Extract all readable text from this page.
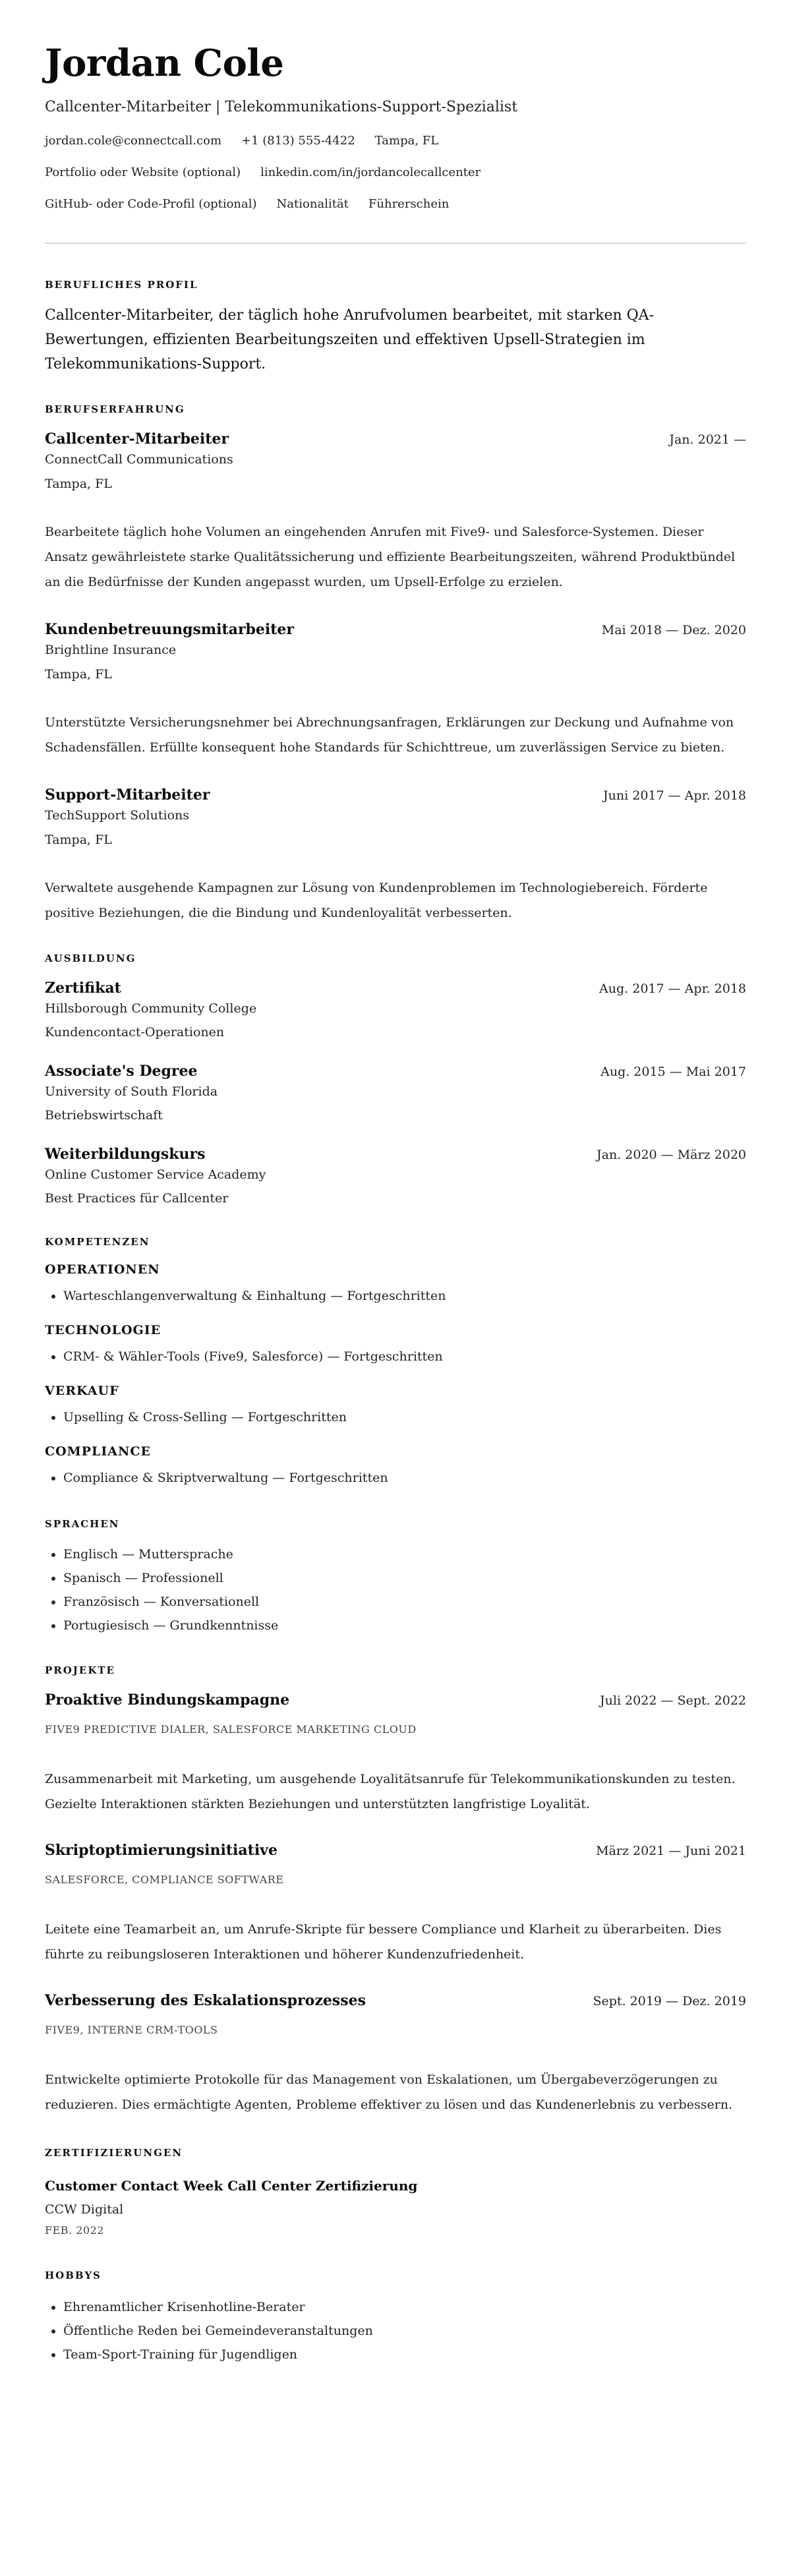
Jordan Cole
Callcenter-Mitarbeiter | Telekommunikations-Support-Spezialist
jordan.cole@connectcall.com +1 (813) 555-4422 Tampa, FL
Portfolio oder Website (optional) linkedin.com/in/jordancolecallcenter
GitHub- oder Code-Profil (optional) Nationalität Führerschein
BERUFLICHES PROFIL

Callcenter-Mitarbeiter, der täglich hohe Anrufvolumen bearbeitet, mit starken QA-Bewertungen, effizienten Bearbeitungszeiten und effektiven Upsell-Strategien im Telekommunikations-Support.

BERUFSERFAHRUNG
Callcenter-Mitarbeiter	Jan. 2021 —
ConnectCall Communications
Tampa, FL

Bearbeitete täglich hohe Volumen an eingehenden Anrufen mit Five9- und Salesforce-Systemen. Dieser Ansatz gewährleistete starke Qualitätssicherung und effiziente Bearbeitungszeiten, während Produktbündel an die Bedürfnisse der Kunden angepasst wurden, um Upsell-Erfolge zu erzielen.

Kundenbetreuungsmitarbeiter	Mai 2018 — Dez. 2020
Brightline Insurance
Tampa, FL

Unterstützte Versicherungsnehmer bei Abrechnungsanfragen, Erklärungen zur Deckung und Aufnahme von Schadensfällen. Erfüllte konsequent hohe Standards für Schichttreue, um zuverlässigen Service zu bieten.

Support-Mitarbeiter	Juni 2017 — Apr. 2018
TechSupport Solutions
Tampa, FL

Verwaltete ausgehende Kampagnen zur Lösung von Kundenproblemen im Technologiebereich. Förderte positive Beziehungen, die die Bindung und Kundenloyalität verbesserten.

AUSBILDUNG
Zertifikat	Aug. 2017 — Apr. 2018
Hillsborough Community College
Kundencontact-Operationen
Associate's Degree	Aug. 2015 — Mai 2017
University of South Florida
Betriebswirtschaft
Weiterbildungskurs	Jan. 2020 — März 2020
Online Customer Service Academy
Best Practices für Callcenter
KOMPETENZEN
OPERATIONEN
• Warteschlangenverwaltung & Einhaltung — Fortgeschritten
TECHNOLOGIE
• CRM- & Wähler-Tools (Five9, Salesforce) — Fortgeschritten
VERKAUF
• Upselling & Cross-Selling — Fortgeschritten
COMPLIANCE
• Compliance & Skriptverwaltung — Fortgeschritten
SPRACHEN
• Englisch — Muttersprache
• Spanisch — Professionell
• Französisch — Konversationell
• Portugiesisch — Grundkenntnisse
PROJEKTE
Proaktive Bindungskampagne	Juli 2022 — Sept. 2022
FIVE9 PREDICTIVE DIALER, SALESFORCE MARKETING CLOUD

Zusammenarbeit mit Marketing, um ausgehende Loyalitätsanrufe für Telekommunikationskunden zu testen. Gezielte Interaktionen stärkten Beziehungen und unterstützten langfristige Loyalität.

Skriptoptimierungsinitiative	März 2021 — Juni 2021
SALESFORCE, COMPLIANCE SOFTWARE

Leitete eine Teamarbeit an, um Anrufe-Skripte für bessere Compliance und Klarheit zu überarbeiten. Dies führte zu reibungsloseren Interaktionen und höherer Kundenzufriedenheit.

Verbesserung des Eskalationsprozesses	Sept. 2019 — Dez. 2019
FIVE9, INTERNE CRM-TOOLS

Entwickelte optimierte Protokolle für das Management von Eskalationen, um Übergabeverzögerungen zu reduzieren. Dies ermächtigte Agenten, Probleme effektiver zu lösen und das Kundenerlebnis zu verbessern.

ZERTIFIZIERUNGEN
Customer Contact Week Call Center Zertifizierung
CCW Digital
FEB. 2022
HOBBYS
• Ehrenamtlicher Krisenhotline-Berater
• Öffentliche Reden bei Gemeindeveranstaltungen
• Team-Sport-Training für Jugendligen
